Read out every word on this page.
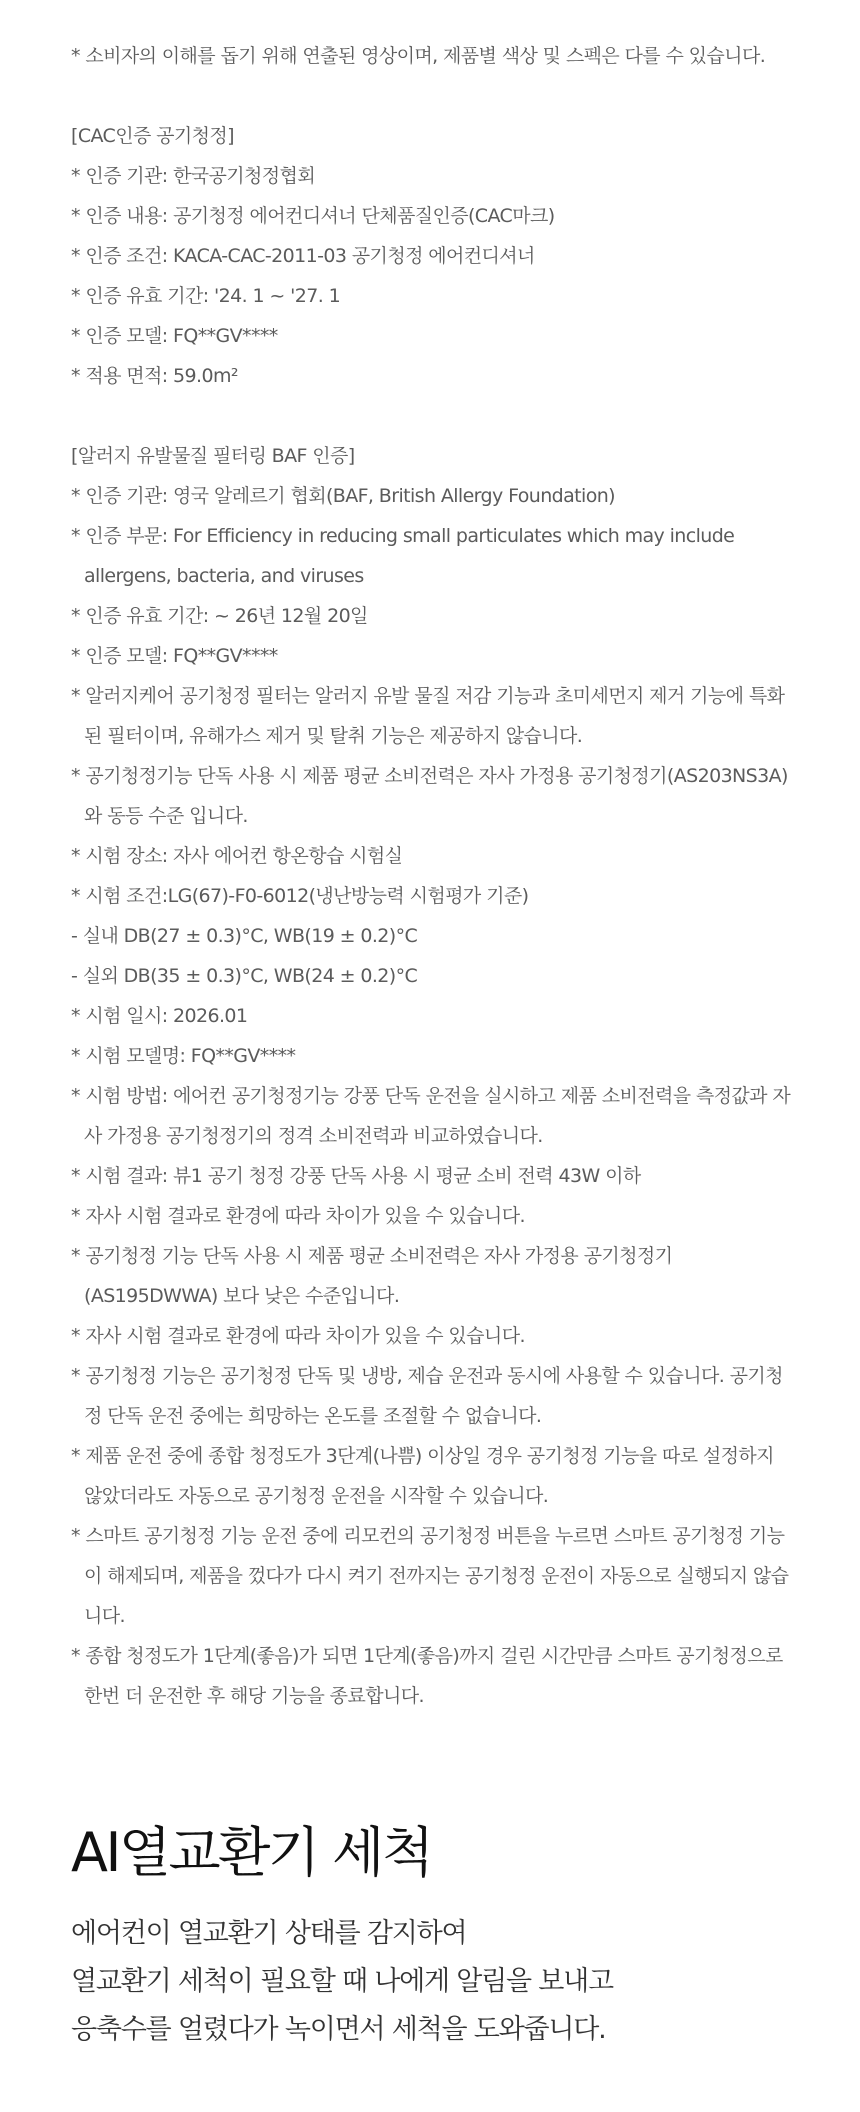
* 소비자의 이해를 돕기 위해 연출된 영상이며, 제품별 색상 및 스펙은 다를 수 있습니다.

[CAC인증 공기청정]

* 인증 기관: 한국공기청정협회

* 인증 내용: 공기청정 에어컨디셔너 단체품질인증(CAC마크)

* 인증 조건: KACA-CAC-2011-03 공기청정 에어컨디셔너

* 인증 유효 기간: '24. 1 ~ '27. 1

* 인증 모델: FQ**GV****

* 적용 면적: 59.0m²

[알러지 유발물질 필터링 BAF 인증]

* 인증 기관: 영국 알레르기 협회(BAF, British Allergy Foundation)

* 인증 부문: For Efficiency in reducing small particulates which may include allergens, bacteria, and viruses

* 인증 유효 기간: ~ 26년 12월 20일

* 인증 모델: FQ**GV****

* 알러지케어 공기청정 필터는 알러지 유발 물질 저감 기능과 초미세먼지 제거 기능에 특화된 필터이며, 유해가스 제거 및 탈취 기능은 제공하지 않습니다.

* 공기청정기능 단독 사용 시 제품 평균 소비전력은 자사 가정용 공기청정기(AS203NS3A)와 동등 수준 입니다.

* 시험 장소: 자사 에어컨 항온항습 시험실

* 시험 조건:LG(67)-F0-6012(냉난방능력 시험평가 기준)

- 실내 DB(27 ± 0.3)°C, WB(19 ± 0.2)°C

- 실외 DB(35 ± 0.3)°C, WB(24 ± 0.2)°C

* 시험 일시: 2026.01

* 시험 모델명: FQ**GV****

* 시험 방법: 에어컨 공기청정기능 강풍 단독 운전을 실시하고 제품 소비전력을 측정값과 자사 가정용 공기청정기의 정격 소비전력과 비교하였습니다.

* 시험 결과: 뷰1 공기 청정 강풍 단독 사용 시 평균 소비 전력 43W 이하

* 자사 시험 결과로 환경에 따라 차이가 있을 수 있습니다.

* 공기청정 기능 단독 사용 시 제품 평균 소비전력은 자사 가정용 공기청정기(AS195DWWA) 보다 낮은 수준입니다.

* 자사 시험 결과로 환경에 따라 차이가 있을 수 있습니다.

* 공기청정 기능은 공기청정 단독 및 냉방, 제습 운전과 동시에 사용할 수 있습니다. 공기청정 단독 운전 중에는 희망하는 온도를 조절할 수 없습니다.

* 제품 운전 중에 종합 청정도가 3단계(나쁨) 이상일 경우 공기청정 기능을 따로 설정하지 않았더라도 자동으로 공기청정 운전을 시작할 수 있습니다.

* 스마트 공기청정 기능 운전 중에 리모컨의 공기청정 버튼을 누르면 스마트 공기청정 기능이 해제되며, 제품을 껐다가 다시 켜기 전까지는 공기청정 운전이 자동으로 실행되지 않습니다.

* 종합 청정도가 1단계(좋음)가 되면 1단계(좋음)까지 걸린 시간만큼 스마트 공기청정으로 한번 더 운전한 후 해당 기능을 종료합니다.

AI열교환기 세척

에어컨이 열교환기 상태를 감지하여

열교환기 세척이 필요할 때 나에게 알림을 보내고

응축수를 얼렸다가 녹이면서 세척을 도와줍니다.
